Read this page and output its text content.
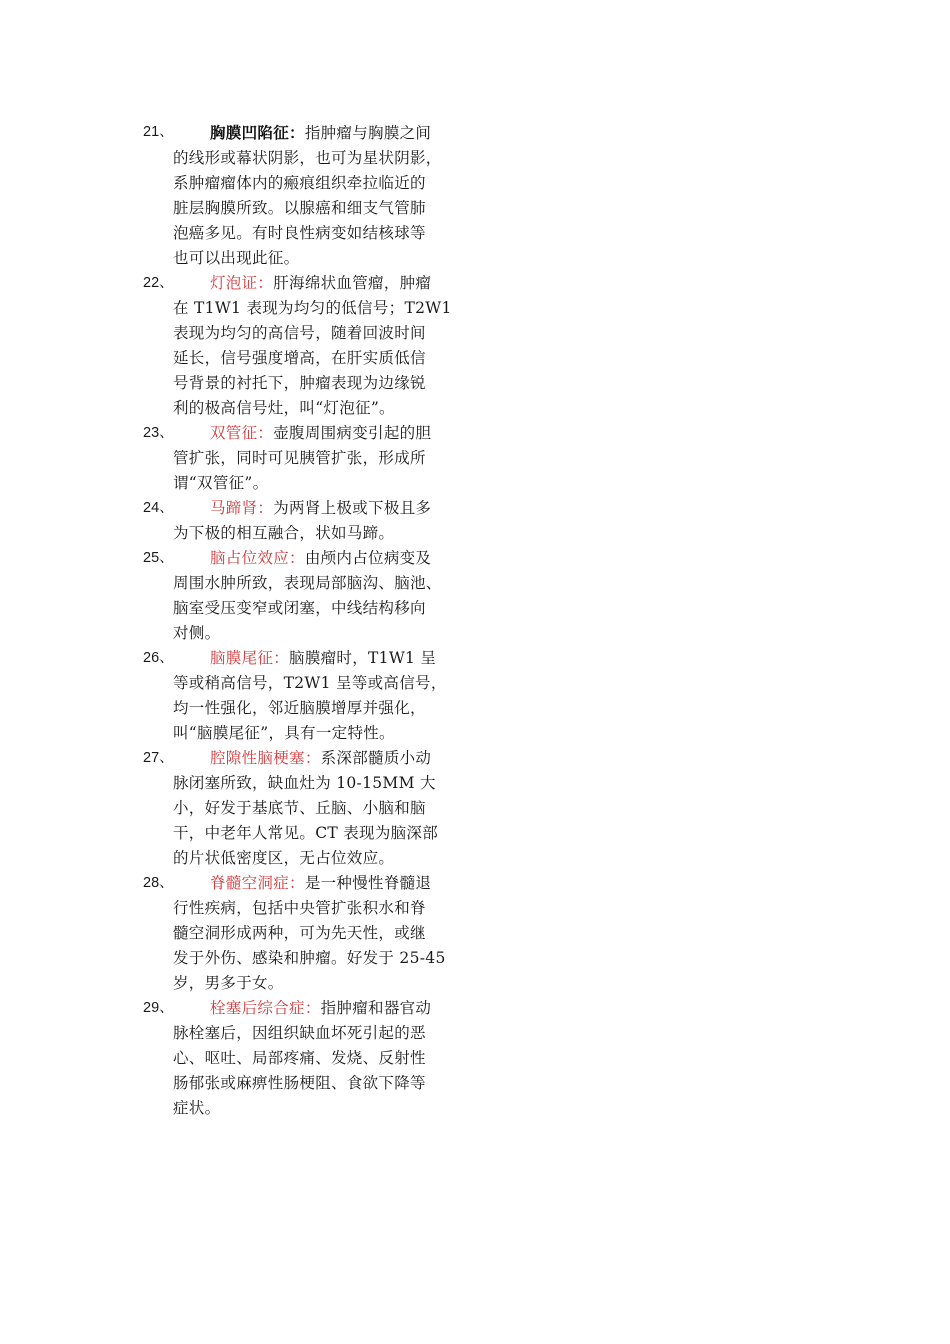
21、	胸膜凹陷征：指肿瘤与胸膜之间
的线形或幕状阴影，也可为星状阴影，
系肿瘤瘤体内的瘢痕组织牵拉临近的
脏层胸膜所致。以腺癌和细支气管肺
泡癌多见。有时良性病变如结核球等
也可以出现此征。
22、	灯泡证：肝海绵状血管瘤，肿瘤
在 T1W1 表现为均匀的低信号；T2W1
表现为均匀的高信号，随着回波时间
延长，信号强度增高，在肝实质低信
号背景的衬托下，肿瘤表现为边缘锐
利的极高信号灶，叫“灯泡征”。
23、	双管征：壶腹周围病变引起的胆
管扩张，同时可见胰管扩张，形成所
谓“双管征”。
24、	马蹄肾：为两肾上极或下极且多
为下极的相互融合，状如马蹄。
25、	脑占位效应：由颅内占位病变及
周围水肿所致，表现局部脑沟、脑池、
脑室受压变窄或闭塞，中线结构移向
对侧。
26、	脑膜尾征：脑膜瘤时，T1W1 呈
等或稍高信号，T2W1 呈等或高信号，
均一性强化，邻近脑膜增厚并强化，
叫“脑膜尾征”，具有一定特性。
27、	腔隙性脑梗塞：系深部髓质小动
脉闭塞所致，缺血灶为 10-15MM 大
小，好发于基底节、丘脑、小脑和脑
干，中老年人常见。CT 表现为脑深部
的片状低密度区，无占位效应。
28、	脊髓空洞症：是一种慢性脊髓退
行性疾病，包括中央管扩张积水和脊
髓空洞形成两种，可为先天性，或继
发于外伤、感染和肿瘤。好发于 25-45
岁，男多于女。
29、	栓塞后综合症：指肿瘤和器官动
脉栓塞后，因组织缺血坏死引起的恶
心、呕吐、局部疼痛、发烧、反射性
肠郁张或麻痹性肠梗阻、食欲下降等
症状。
